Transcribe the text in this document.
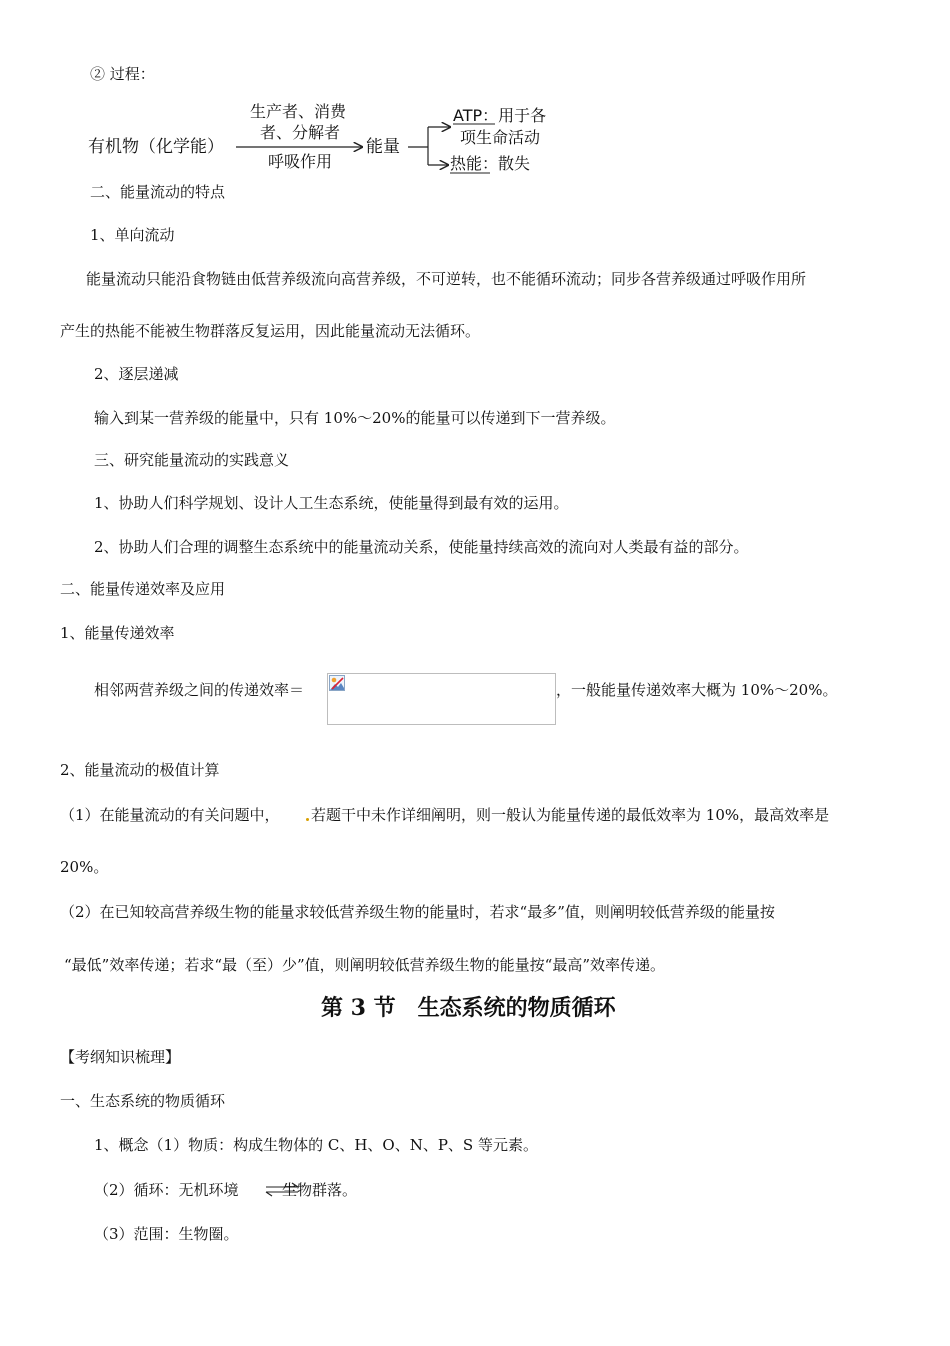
② 过程：
有机物（化学能）
生产者、消费
者、分解者
呼吸作用
能量
ATP：用于各
项生命活动
热能：散失
二、能量流动的特点
1、单向流动
能量流动只能沿食物链由低营养级流向高营养级，不可逆转，也不能循环流动；同步各营养级通过呼吸作用所
产生的热能不能被生物群落反复运用，因此能量流动无法循环。
2、逐层递减
输入到某一营养级的能量中，只有 10%～20%的能量可以传递到下一营养级。
三、研究能量流动的实践意义
1、协助人们科学规划、设计人工生态系统，使能量得到最有效的运用。
2、协助人们合理的调整生态系统中的能量流动关系，使能量持续高效的流向对人类最有益的部分。
二、能量传递效率及应用
1、能量传递效率
相邻两营养级之间的传递效率＝	，一般能量传递效率大概为 10%～20%。
2、能量流动的极值计算
（1）在能量流动的有关问题中， 若题干中未作详细阐明，则一般认为能量传递的最低效率为 10%，最高效率是
20%。
（2）在已知较高营养级生物的能量求较低营养级生物的能量时，若求“最多”值，则阐明较低营养级的能量按
“最低”效率传递；若求“最（至）少”值，则阐明较低营养级生物的能量按“最高”效率传递。
第 3 节　生态系统的物质循环
【考纲知识梳理】
一、生态系统的物质循环
1、概念（1）物质：构成生物体的 C、H、O、N、P、S 等元素。
（2）循环：无机环境 ⇌
生物群落。
（3）范围：生物圈。
